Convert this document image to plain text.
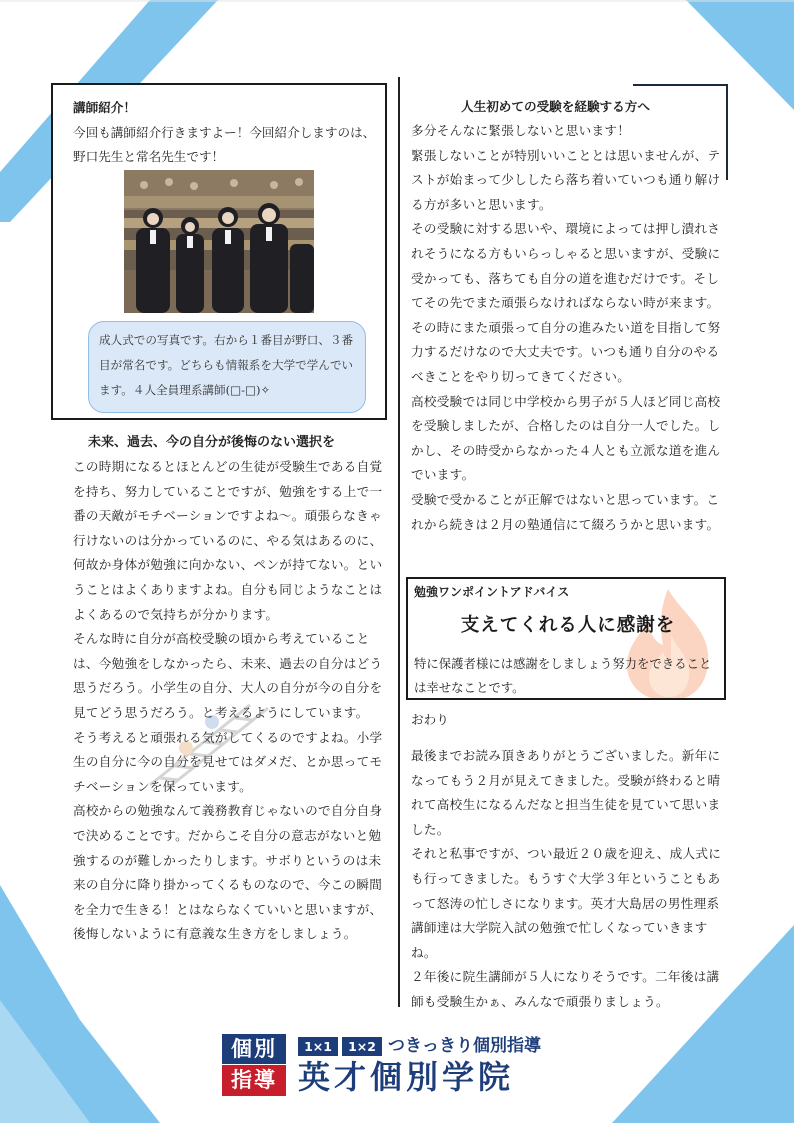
講師紹介！
今回も講師紹介行きますよー！今回紹介しますのは、野口先生と常名先生です！
成人式での写真です。右から１番目が野口、３番目が常名です。どちらも情報系を大学で学んでいます。４人全員理系講師(□-□)✧
未来、過去、今の自分が後悔のない選択を

この時期になるとほとんどの生徒が受験生である自覚を持ち、努力していることですが、勉強をする上で一番の天敵がモチベーションですよね〜。頑張らなきゃ行けないのは分かっているのに、やる気はあるのに、何故か身体が勉強に向かない、ペンが持てない。ということはよくありますよね。自分も同じようなことはよくあるので気持ちが分かります。

そんな時に自分が高校受験の頃から考えていることは、今勉強をしなかったら、未来、過去の自分はどう思うだろう。小学生の自分、大人の自分が今の自分を見てどう思うだろう。と考えるようにしています。

そう考えると頑張れる気がしてくるのですよね。小学生の自分に今の自分を見せてはダメだ、とか思ってモチベーションを保っています。

高校からの勉強なんて義務教育じゃないので自分自身で決めることです。だからこそ自分の意志がないと勉強するのが難しかったりします。サボりというのは未来の自分に降り掛かってくるものなので、今この瞬間を全力で生きる！とはならなくていいと思いますが、後悔しないように有意義な生き方をしましょう。

人生初めての受験を経験する方へ

多分そんなに緊張しないと思います！

緊張しないことが特別いいこととは思いませんが、テストが始まって少ししたら落ち着いていつも通り解ける方が多いと思います。

その受験に対する思いや、環境によっては押し潰れされそうになる方もいらっしゃると思いますが、受験に受かっても、落ちても自分の道を進むだけです。そしてその先でまた頑張らなければならない時が来ます。その時にまた頑張って自分の進みたい道を目指して努力するだけなので大丈夫です。いつも通り自分のやるべきことをやり切ってきてください。

高校受験では同じ中学校から男子が５人ほど同じ高校を受験しましたが、合格したのは自分一人でした。しかし、その時受からなかった４人とも立派な道を進んでいます。

受験で受かることが正解ではないと思っています。これから続きは２月の塾通信にて綴ろうかと思います。

勉強ワンポイントアドバイス
支えてくれる人に感謝を
特に保護者様には感謝をしましょう努力をできることは幸せなことです。
おわり

最後までお読み頂きありがとうございました。新年になってもう２月が見えてきました。受験が終わると晴れて高校生になるんだなと担当生徒を見ていて思いました。

それと私事ですが、つい最近２０歳を迎え、成人式にも行ってきました。もうすぐ大学３年ということもあって怒涛の忙しさになります。英才大島居の男性理系講師達は大学院入試の勉強で忙しくなっていきますね。

２年後に院生講師が５人になりそうです。二年後は講師も受験生かぁ、みんなで頑張りましょう。

個別
指導
1×1	1×2 つきっきり個別指導
英才個別学院
